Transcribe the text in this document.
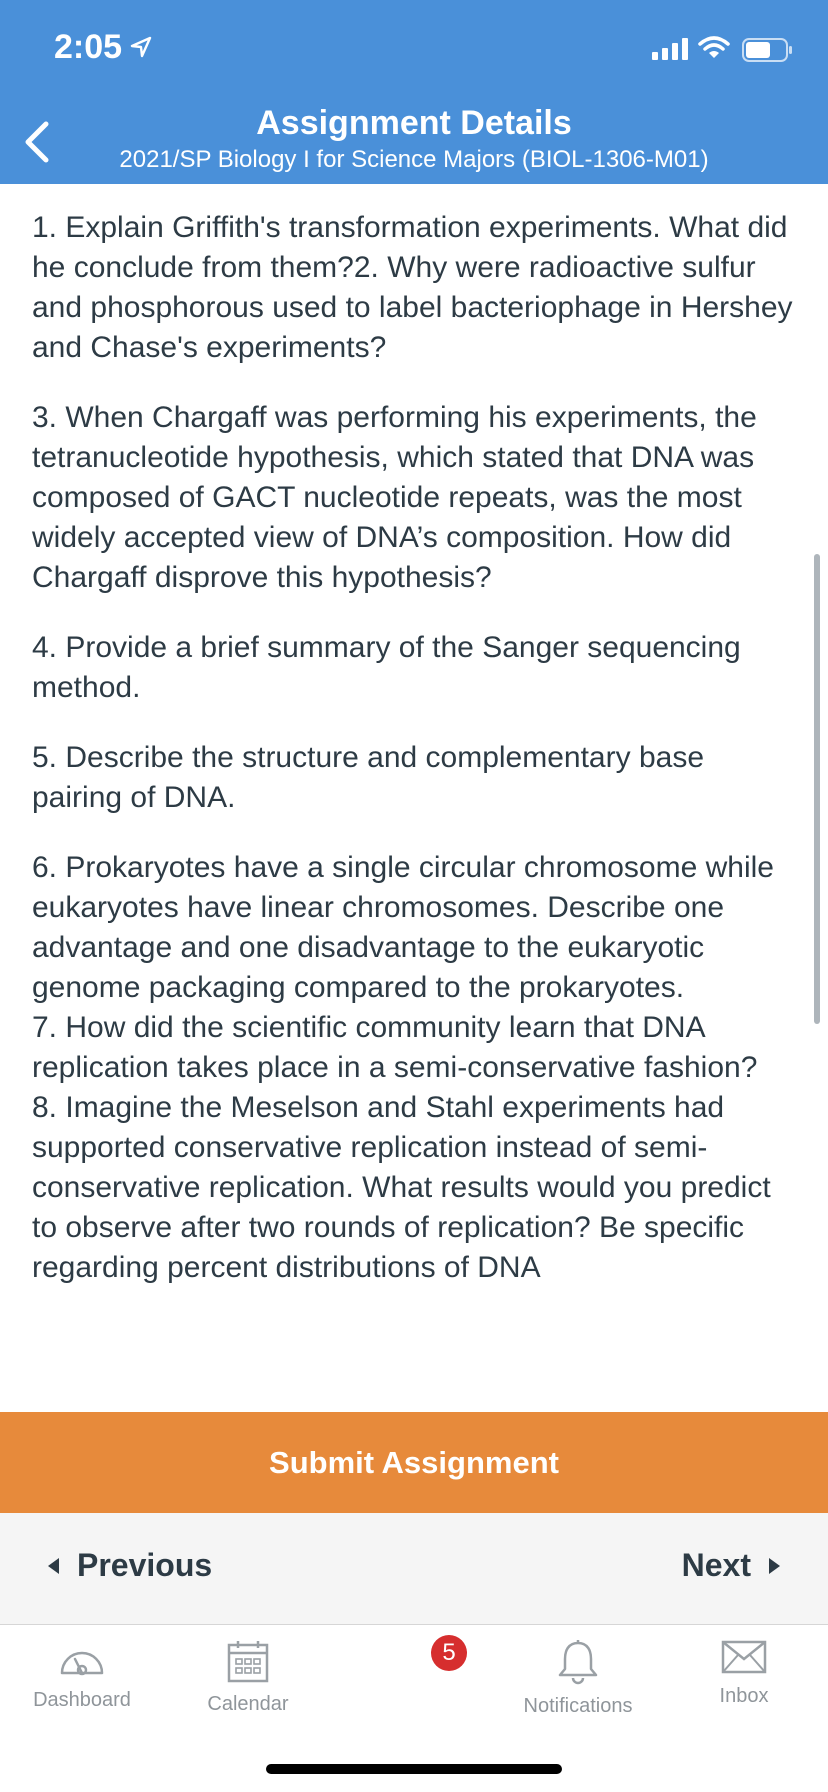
2:05
Assignment Details
2021/SP Biology I for Science Majors (BIOL-1306-M01)

1. Explain Griffith's transformation experiments. What did he conclude from them?2. Why were radioactive sulfur and phosphorous used to label bacteriophage in Hershey and Chase's experiments?

3. When Chargaff was performing his experiments, the tetranucleotide hypothesis, which stated that DNA was composed of GACT nucleotide repeats, was the most widely accepted view of DNA’s composition. How did Chargaff disprove this hypothesis?

4. Provide a brief summary of the Sanger sequencing method.

5. Describe the structure and complementary base pairing of DNA.

6. Prokaryotes have a single circular chromosome while eukaryotes have linear chromosomes. Describe one advantage and one disadvantage to the eukaryotic genome packaging compared to the prokaryotes.

7. How did the scientific community learn that DNA replication takes place in a semi-conservative fashion?

8. Imagine the Meselson and Stahl experiments had supported conservative replication instead of semi-conservative replication. What results would you predict to observe after two rounds of replication? Be specific regarding percent distributions of DNA

Submit Assignment
Previous	Next
Dashboard	Calendar	Notifications	Inbox
5
